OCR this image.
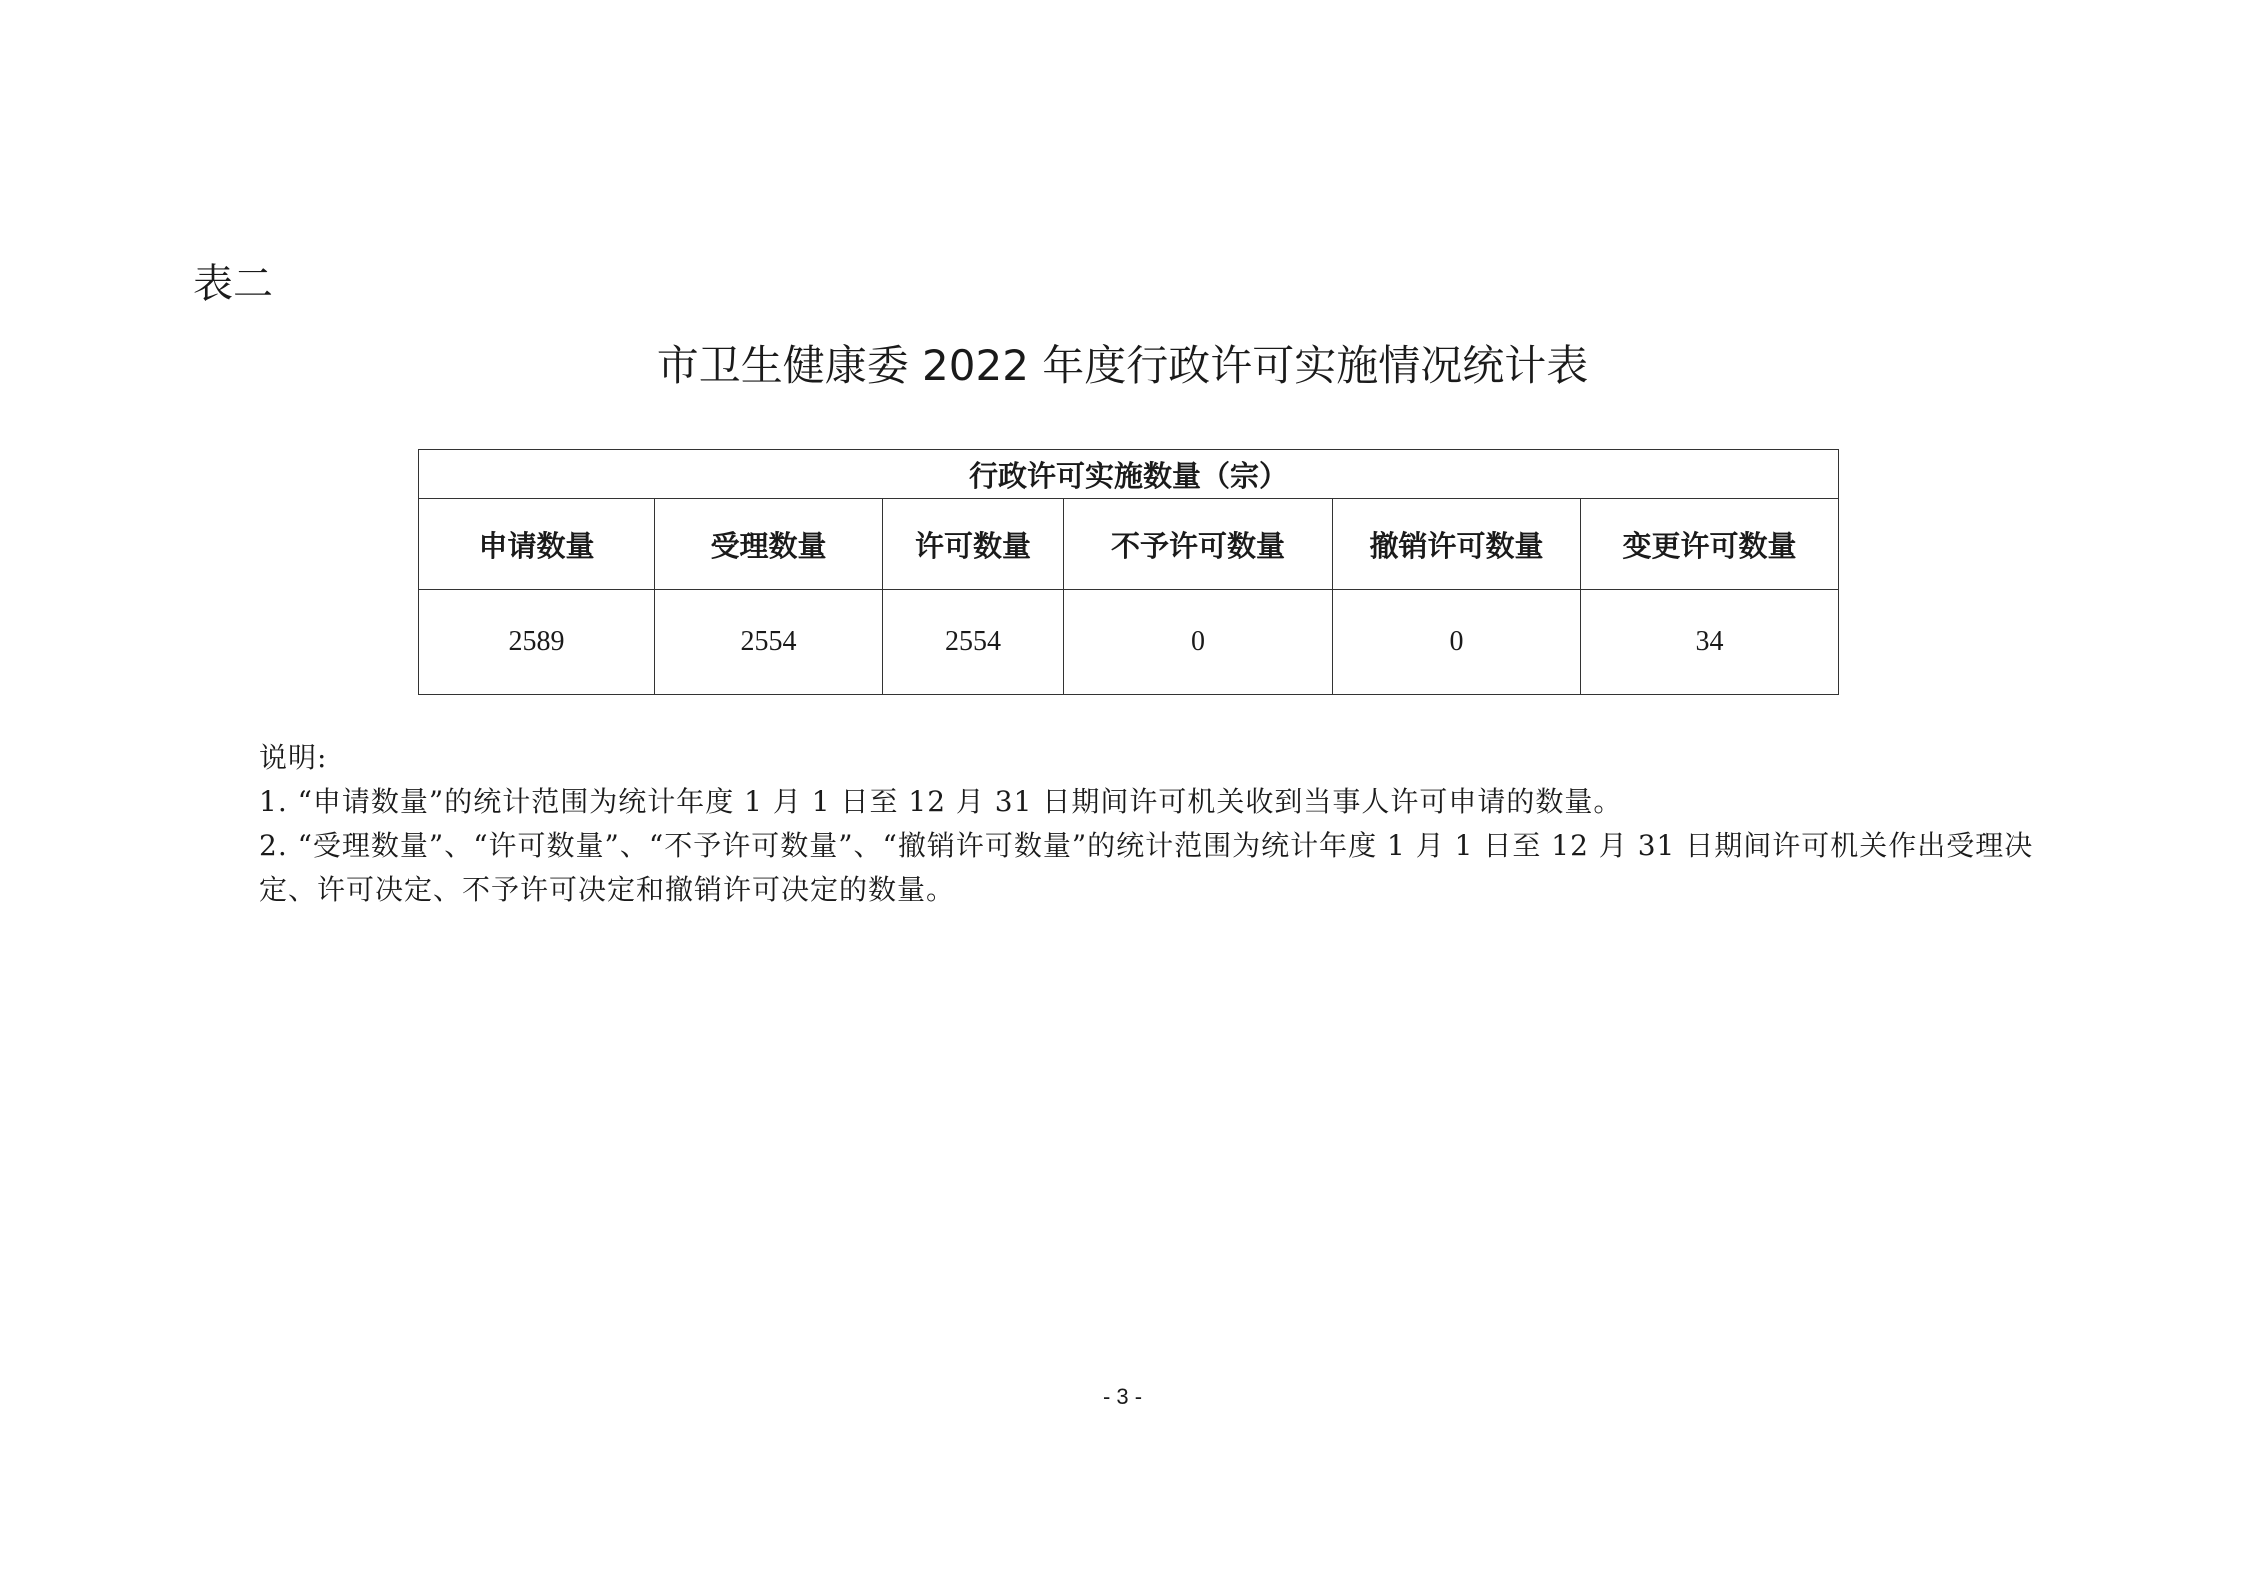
表二
市卫生健康委 2022 年度行政许可实施情况统计表
行政许可实施数量（宗）					
申请数量	受理数量	许可数量	不予许可数量	撤销许可数量	变更许可数量
2589	2554	2554	0	0	34

说明:

1. “申请数量”的统计范围为统计年度 1 月 1 日至 12 月 31 日期间许可机关收到当事人许可申请的数量。

2. “受理数量”、“许可数量”、“不予许可数量”、“撤销许可数量”的统计范围为统计年度 1 月 1 日至 12 月 31 日期间许可机关作出受理决定、许可决定、不予许可决定和撤销许可决定的数量。

- 3 -
